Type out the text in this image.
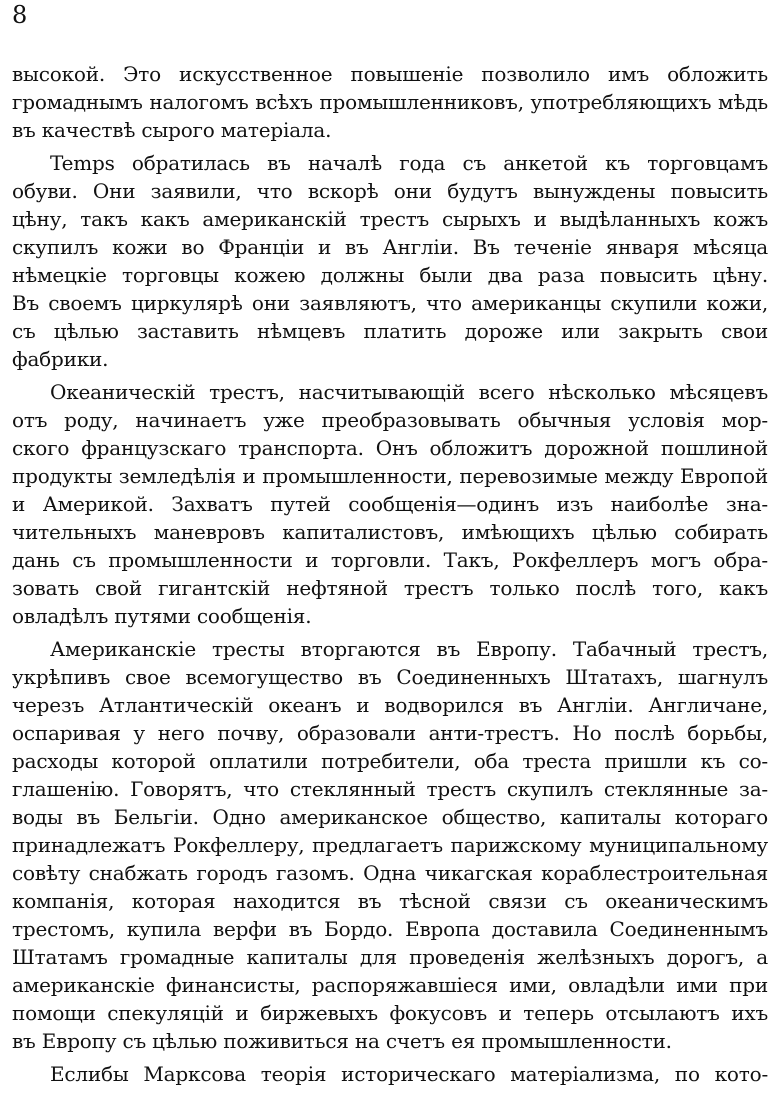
8
высокой. Это искусственное повышеніе позволило имъ обложить
громаднымъ налогомъ всѣхъ промышленниковъ, употребляющихъ мѣдь
въ качествѣ сырого матеріала.
Temps обратилась въ началѣ года съ анкетой къ торговцамъ
обуви. Они заявили, что вскорѣ они будутъ вынуждены повысить
цѣну, такъ какъ американскій трестъ сырыхъ и выдѣланныхъ кожъ
скупилъ кожи во Франціи и въ Англіи. Въ теченіе января мѣсяца
нѣмецкіе торговцы кожею должны были два раза повысить цѣну.
Въ своемъ циркулярѣ они заявляютъ, что американцы скупили кожи,
съ цѣлью заставить нѣмцевъ платить дороже или закрыть свои
фабрики.
Океаническій трестъ, насчитывающій всего нѣсколько мѣсяцевъ
отъ роду, начинаетъ уже преобразовывать обычныя условія мор-
ского французскаго транспорта. Онъ обложитъ дорожной пошлиной
продукты земледѣлія и промышленности, перевозимые между Европой
и Америкой. Захватъ путей сообщенія—одинъ изъ наиболѣе зна-
чительныхъ маневровъ капиталистовъ, имѣющихъ цѣлью собирать
дань съ промышленности и торговли. Такъ, Рокфеллеръ могъ обра-
зовать свой гигантскій нефтяной трестъ только послѣ того, какъ
овладѣлъ путями сообщенія.
Американскіе тресты вторгаются въ Европу. Табачный трестъ,
укрѣпивъ свое всемогущество въ Соединенныхъ Штатахъ, шагнулъ
черезъ Атлантическій океанъ и водворился въ Англіи. Англичане,
оспаривая у него почву, образовали анти-трестъ. Но послѣ борьбы,
расходы которой оплатили потребители, оба треста пришли къ со-
глашенію. Говорятъ, что стеклянный трестъ скупилъ стеклянные за-
воды въ Бельгіи. Одно американское общество, капиталы котораго
принадлежатъ Рокфеллеру, предлагаетъ парижскому муниципальному
совѣту снабжать городъ газомъ. Одна чикагская кораблестроительная
компанія, которая находится въ тѣсной связи съ океаническимъ
трестомъ, купила верфи въ Бордо. Европа доставила Соединеннымъ
Штатамъ громадные капиталы для проведенія желѣзныхъ дорогъ, а
американскіе финансисты, распоряжавшіеся ими, овладѣли ими при
помощи спекуляцій и биржевыхъ фокусовъ и теперь отсылаютъ ихъ
въ Европу съ цѣлью поживиться на счетъ ея промышленности.
Еслибы Марксова теорія историческаго матеріализма, по кото-
